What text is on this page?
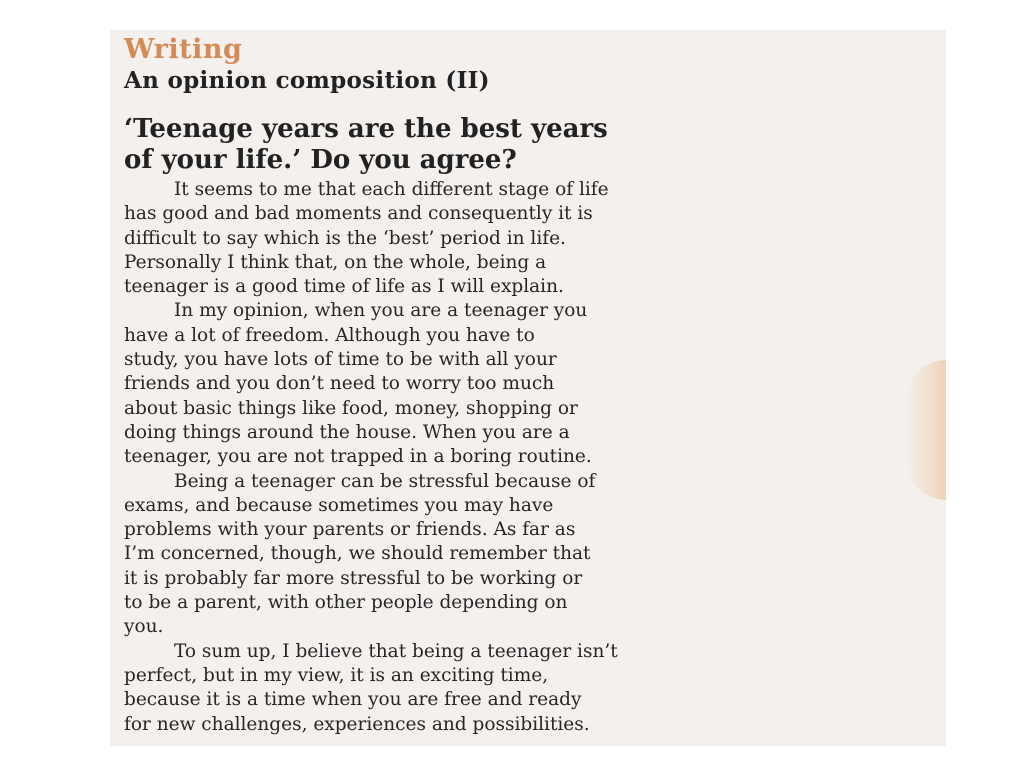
Writing
An opinion composition (II)
‘Teenage years are the best years
of your life.’ Do you agree?
It seems to me that each different stage of life
has good and bad moments and consequently it is
difficult to say which is the ‘best’ period in life.
Personally I think that, on the whole, being a
teenager is a good time of life as I will explain.
In my opinion, when you are a teenager you
have a lot of freedom. Although you have to
study, you have lots of time to be with all your
friends and you don’t need to worry too much
about basic things like food, money, shopping or
doing things around the house. When you are a
teenager, you are not trapped in a boring routine.
Being a teenager can be stressful because of
exams, and because sometimes you may have
problems with your parents or friends. As far as
I’m concerned, though, we should remember that
it is probably far more stressful to be working or
to be a parent, with other people depending on
you.
To sum up, I believe that being a teenager isn’t
perfect, but in my view, it is an exciting time,
because it is a time when you are free and ready
for new challenges, experiences and possibilities.
